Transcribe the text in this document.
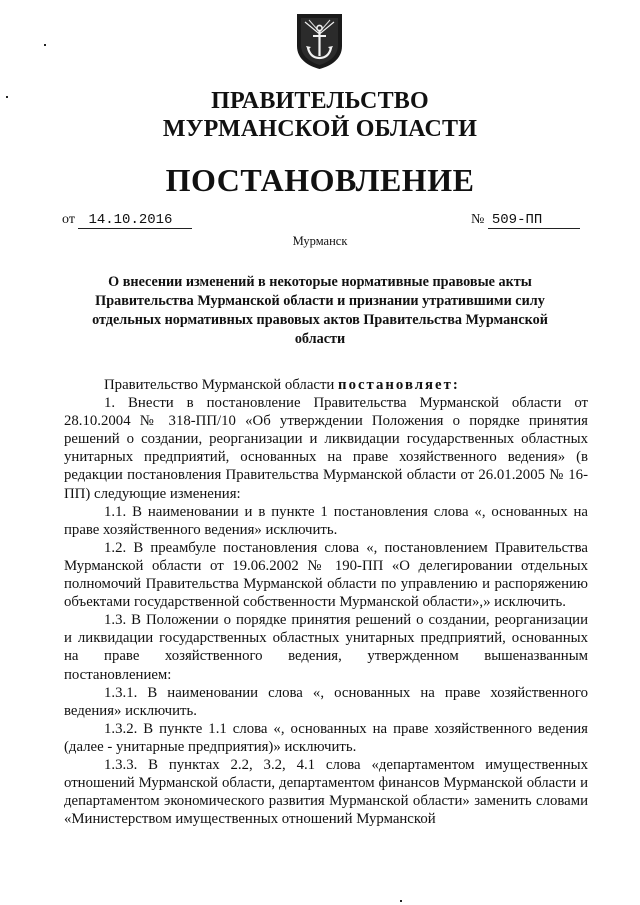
ПРАВИТЕЛЬСТВО
МУРМАНСКОЙ ОБЛАСТИ
ПОСТАНОВЛЕНИЕ
от 14.10.2016	№ 509-ПП
Мурманск
О внесении изменений в некоторые нормативные правовые акты Правительства Мурманской области и признании утратившими силу отдельных нормативных правовых актов Правительства Мурманской области

Правительство Мурманской области постановляет:

1. Внести в постановление Правительства Мурманской области от 28.10.2004 № 318-ПП/10 «Об утверждении Положения о порядке принятия решений о создании, реорганизации и ликвидации государственных областных унитарных предприятий, основанных на праве хозяйственного ведения» (в редакции постановления Правительства Мурманской области от 26.01.2005 № 16-ПП) следующие изменения:

1.1. В наименовании и в пункте 1 постановления слова «, основанных на праве хозяйственного ведения» исключить.

1.2. В преамбуле постановления слова «, постановлением Правительства Мурманской области от 19.06.2002 № 190-ПП «О делегировании отдельных полномочий Правительства Мурманской области по управлению и распоряжению объектами государственной собственности Мурманской области»,» исключить.

1.3. В Положении о порядке принятия решений о создании, реорганизации и ликвидации государственных областных унитарных предприятий, основанных на праве хозяйственного ведения, утвержденном вышеназванным постановлением:

1.3.1. В наименовании слова «, основанных на праве хозяйственного ведения» исключить.

1.3.2. В пункте 1.1 слова «, основанных на праве хозяйственного ведения (далее - унитарные предприятия)» исключить.

1.3.3. В пунктах 2.2, 3.2, 4.1 слова «департаментом имущественных отношений Мурманской области, департаментом финансов Мурманской области и департаментом экономического развития Мурманской области» заменить словами «Министерством имущественных отношений Мурманской
